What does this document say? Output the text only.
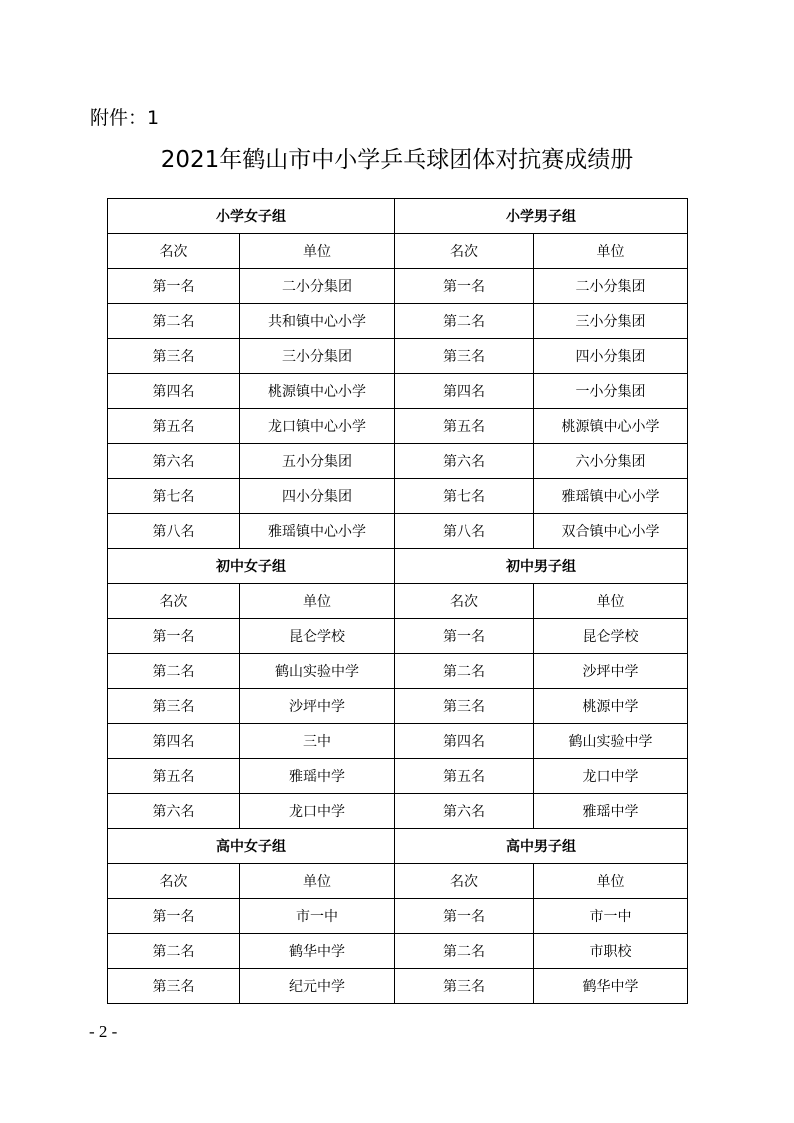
附件：1
2021年鹤山市中小学乒乓球团体对抗赛成绩册
小学女子组		小学男子组	
名次	单位	名次	单位
第一名	二小分集团	第一名	二小分集团
第二名	共和镇中心小学	第二名	三小分集团
第三名	三小分集团	第三名	四小分集团
第四名	桃源镇中心小学	第四名	一小分集团
第五名	龙口镇中心小学	第五名	桃源镇中心小学
第六名	五小分集团	第六名	六小分集团
第七名	四小分集团	第七名	雅瑶镇中心小学
第八名	雅瑶镇中心小学	第八名	双合镇中心小学
初中女子组		初中男子组	
名次	单位	名次	单位
第一名	昆仑学校	第一名	昆仑学校
第二名	鹤山实验中学	第二名	沙坪中学
第三名	沙坪中学	第三名	桃源中学
第四名	三中	第四名	鹤山实验中学
第五名	雅瑶中学	第五名	龙口中学
第六名	龙口中学	第六名	雅瑶中学
高中女子组		高中男子组	
名次	单位	名次	单位
第一名	市一中	第一名	市一中
第二名	鹤华中学	第二名	市职校
第三名	纪元中学	第三名	鹤华中学
- 2 -
